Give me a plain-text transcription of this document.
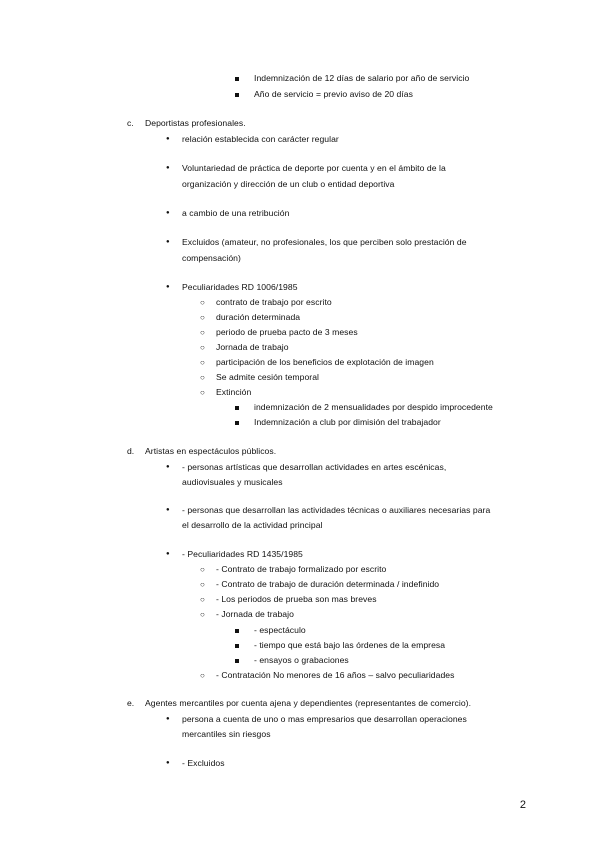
Indemnización de 12 días de salario por año de servicio
Año de servicio = previo aviso de 20 días
c. Deportistas profesionales.
● relación establecida con carácter regular
● Voluntariedad de práctica de deporte por cuenta y en el ámbito de la
organización y dirección de un club o entidad deportiva
● a cambio de una retribución
● Excluidos (amateur, no profesionales, los que perciben solo prestación de
compensación)
● Peculiaridades RD 1006/1985
○ contrato de trabajo por escrito
○ duración determinada
○ periodo de prueba pacto de 3 meses
○ Jornada de trabajo
○ participación de los beneficios de explotación de imagen
○ Se admite cesión temporal
○ Extinción
indemnización de 2 mensualidades por despido improcedente
Indemnización a club por dimisión del trabajador
d. Artistas en espectáculos públicos.
● - personas artísticas que desarrollan actividades en artes escénicas,
audiovisuales y musicales
● - personas que desarrollan las actividades técnicas o auxiliares necesarias para
el desarrollo de la actividad principal
● - Peculiaridades RD 1435/1985
○ - Contrato de trabajo formalizado por escrito
○ - Contrato de trabajo de duración determinada / indefinido
○ - Los periodos de prueba son mas breves
○ - Jornada de trabajo
- espectáculo
- tiempo que está bajo las órdenes de la empresa
- ensayos o grabaciones
○ - Contratación No menores de 16 años – salvo peculiaridades
e. Agentes mercantiles por cuenta ajena y dependientes (representantes de comercio).
● persona a cuenta de uno o mas empresarios que desarrollan operaciones
mercantiles sin riesgos
● - Excluidos
2
